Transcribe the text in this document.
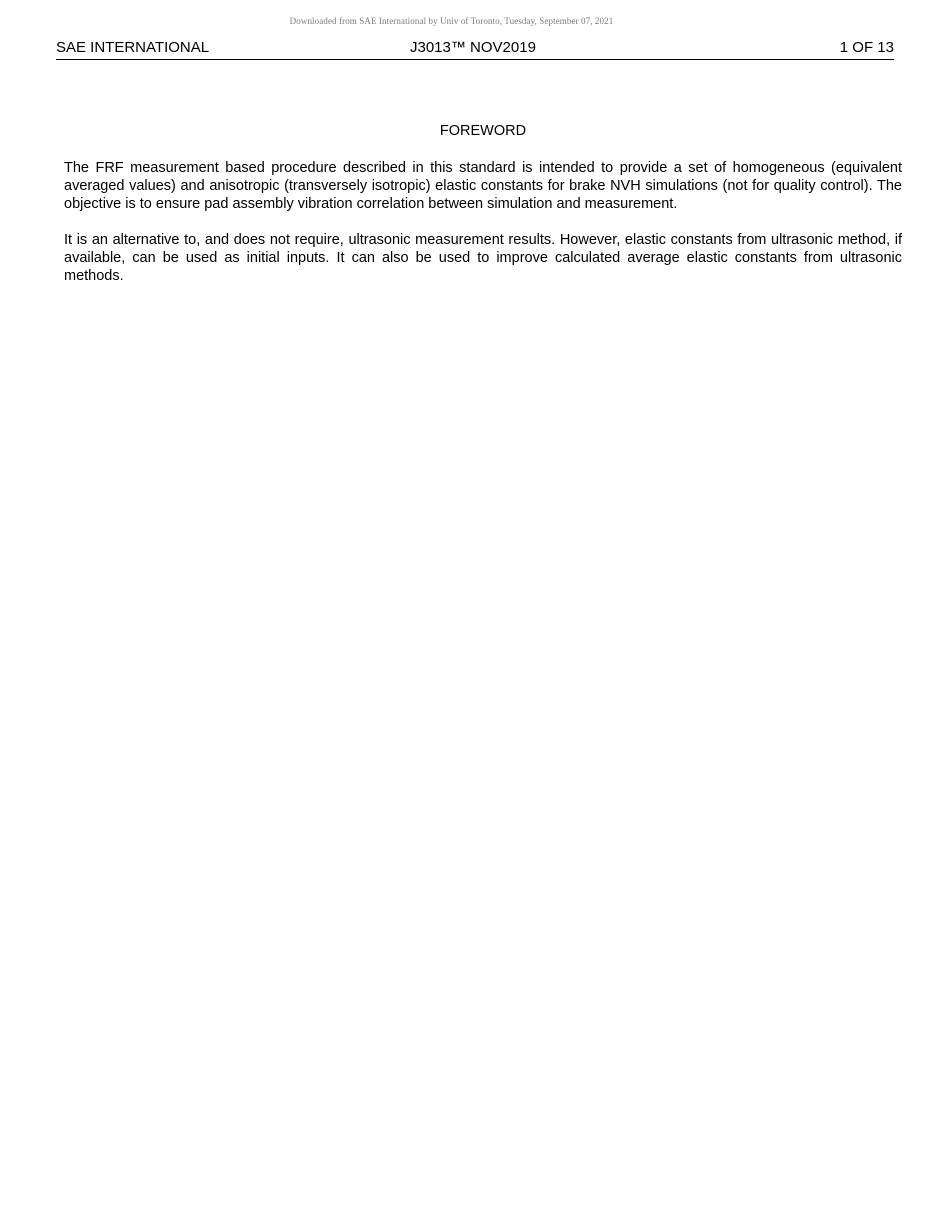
Downloaded from SAE International by Univ of Toronto, Tuesday, September 07, 2021
SAE INTERNATIONAL	J3013™ NOV2019	1 OF 13
FOREWORD

The FRF measurement based procedure described in this standard is intended to provide a set of homogeneous (equivalent averaged values) and anisotropic (transversely isotropic) elastic constants for brake NVH simulations (not for quality control). The objective is to ensure pad assembly vibration correlation between simulation and measurement.

It is an alternative to, and does not require, ultrasonic measurement results. However, elastic constants from ultrasonic method, if available, can be used as initial inputs. It can also be used to improve calculated average elastic constants from ultrasonic methods.
